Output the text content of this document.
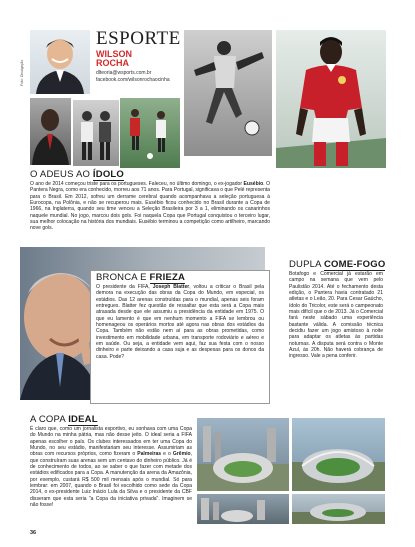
Foto: Divulgação
ESPORTE
WILSON
ROCHA
dlteoria@wsports.com.br
facebook.com/wilsonrochaocinha
O ADEUS AO ÍDOLO
O ano de 2014 começou triste para os portugueses. Faleceu, no último domingo, o ex-jogador Eusébio. O Pantera Negra, como era conhecido, morreu aos 71 anos. Para Portugal, significava o que Pelé representa para o Brasil. Em 2012, sofreu um derrame cerebral quando acompanhava a seleção portuguesa à Eurocopa, na Polônia, e não se recuperou mais. Eusébio ficou conhecido no Brasil durante a Copa de 1966, na Inglaterra, quando seu time venceu a Seleção Brasileira por 3 a 1, eliminando os canarinhos naquele mundial. No jogo, marcou dois gols. Foi naquela Copa que Portugal conquistou o terceiro lugar, sua melhor colocação na história dos mundiais. Eusébio terminou a competição como artilheiro, marcando nove gols.
BRONCA E FRIEZA
O presidente da FIFA, Joseph Blatter, voltou a criticar o Brasil pela demora na execução das obras da Copa do Mundo, em especial, os estádios. Das 12 arenas construídas para o mundial, apenas seis foram entregues. Blatter fez questão de ressaltar que esta será a Copa mais atrasada desde que ele assumiu a presidência da entidade em 1975. O que eu lamento é que em nenhum momento a FIFA se lembrou ou homenageou os operários mortos até agora nas obras dos estádios da Copa. Também não estão nem aí para as obras prometidas, como investimento em mobilidade urbana, em transporte rodoviário e aéreo e em saúde. Ou seja, a entidade vem aqui, faz sua festa com o nosso dinheiro e parte deixando a casa suja e as despesas para os donos da casa. Pode?
DUPLA COME-FOGO
Botafogo e Comercial já estarão em campo na semana que vem pelo Paulistão 2014. Até o fechamento desta edição, o Pantera havia contratado 21 atletas e o Leão, 20. Para Cesar Gaúcho, ídolo do Tricolor, este será o campeonato mais difícil que o de 2013. Já o Comercial fará neste sábado uma experiência bastante válida. A comissão técnica decidiu fazer um jogo amistoso à noite para adaptar os atletas às partidas noturnas. A disputa será contra o Monte Azul, às 20h. Não haverá cobrança de ingresso. Vale a pena conferir.
A COPA IDEAL
É claro que, como um jornalista esportivo, eu sonhava com uma Copa do Mundo na minha pátria, mas não desse jeito. O ideal seria a FIFA apenas escolher o país. Os clubes interessados em ter uma Copa do Mundo, no seu estádio, manifestariam seu interesse. Assumiriam as obras com recursos próprios, como fizeram o Palmeiras e o Grêmio, que construíram suas arenas sem um centavo do dinheiro público. Já é de conhecimento de todos, ao se saber o que fazer com metade dos estádios edificados para a Copa. A manutenção da arena da Amazônia, por exemplo, custará R$ 500 mil mensais após o mundial. Só para lembrar: em 2007, quando o Brasil foi escolhido como sede da Copa 2014, o ex-presidente Luiz Inácio Lula da Silva e o presidente da CBF disseram que esta seria "a Copa da iniciativa privada". Imaginem se não fosse!
36
